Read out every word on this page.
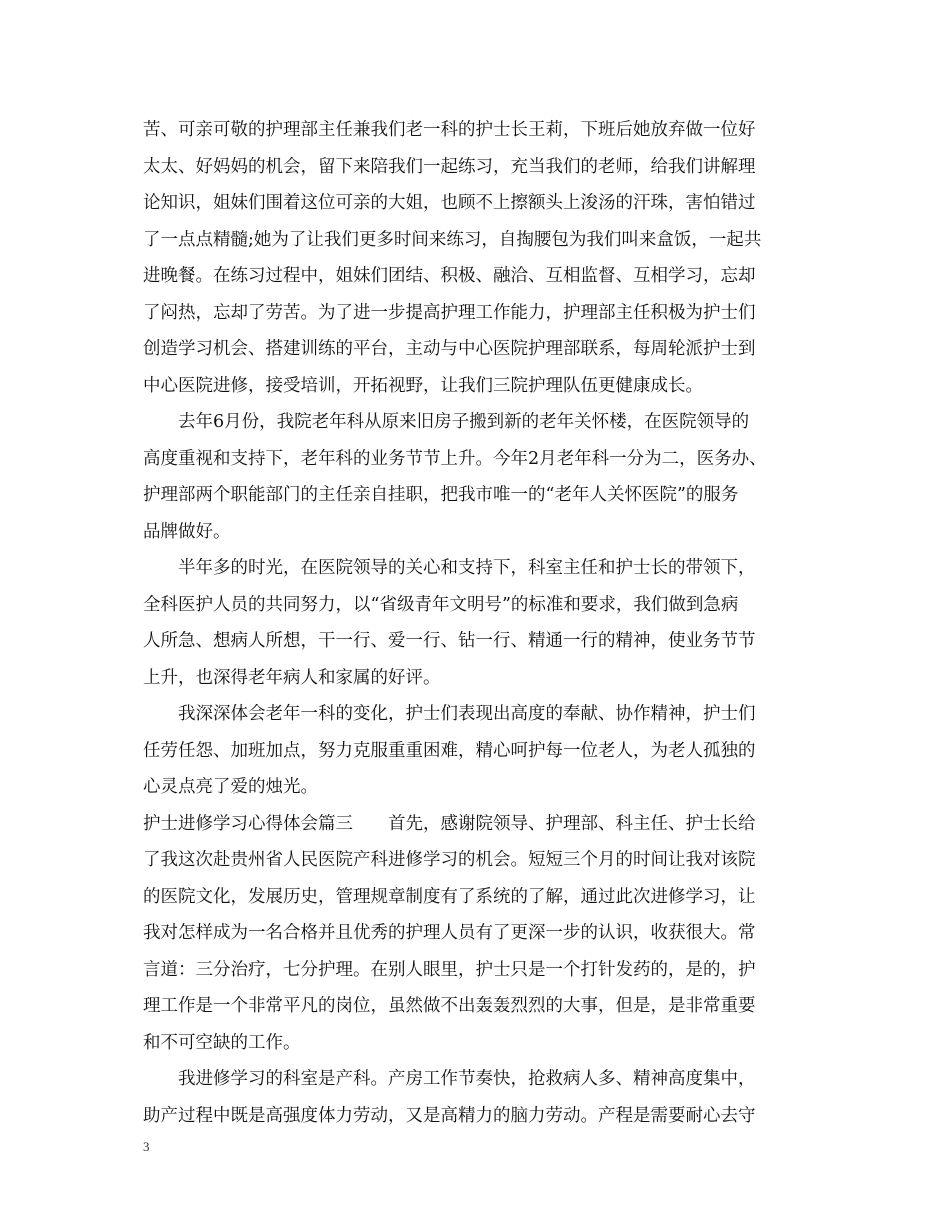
苦、可亲可敬的护理部主任兼我们老一科的护士长王莉，下班后她放弃做一位好
太太、好妈妈的机会，留下来陪我们一起练习，充当我们的老师，给我们讲解理
论知识，姐妹们围着这位可亲的大姐，也顾不上擦额头上浚汤的汗珠，害怕错过
了一点点精髓;她为了让我们更多时间来练习，自掏腰包为我们叫来盒饭，一起共
进晚餐。在练习过程中，姐妹们团结、积极、融洽、互相监督、互相学习，忘却
了闷热，忘却了劳苦。为了进一步提高护理工作能力，护理部主任积极为护士们
创造学习机会、搭建训练的平台，主动与中心医院护理部联系，每周轮派护士到
中心医院进修，接受培训，开拓视野，让我们三院护理队伍更健康成长。
去年6月份，我院老年科从原来旧房子搬到新的老年关怀楼，在医院领导的
高度重视和支持下，老年科的业务节节上升。今年2月老年科一分为二，医务办、
护理部两个职能部门的主任亲自挂职，把我市唯一的“老年人关怀医院”的服务
品牌做好。
半年多的时光，在医院领导的关心和支持下，科室主任和护士长的带领下，
全科医护人员的共同努力，以“省级青年文明号”的标准和要求，我们做到急病
人所急、想病人所想，干一行、爱一行、钻一行、精通一行的精神，使业务节节
上升，也深得老年病人和家属的好评。
我深深体会老年一科的变化，护士们表现出高度的奉献、协作精神，护士们
任劳任怨、加班加点，努力克服重重困难，精心呵护每一位老人，为老人孤独的
心灵点亮了爱的烛光。
护士进修学习心得体会篇三　　首先，感谢院领导、护理部、科主任、护士长给
了我这次赴贵州省人民医院产科进修学习的机会。短短三个月的时间让我对该院
的医院文化，发展历史，管理规章制度有了系统的了解，通过此次进修学习，让
我对怎样成为一名合格并且优秀的护理人员有了更深一步的认识，收获很大。常
言道：三分治疗，七分护理。在别人眼里，护士只是一个打针发药的，是的，护
理工作是一个非常平凡的岗位，虽然做不出轰轰烈烈的大事，但是，是非常重要
和不可空缺的工作。
我进修学习的科室是产科。产房工作节奏快，抢救病人多、精神高度集中，
助产过程中既是高强度体力劳动，又是高精力的脑力劳动。产程是需要耐心去守
3
